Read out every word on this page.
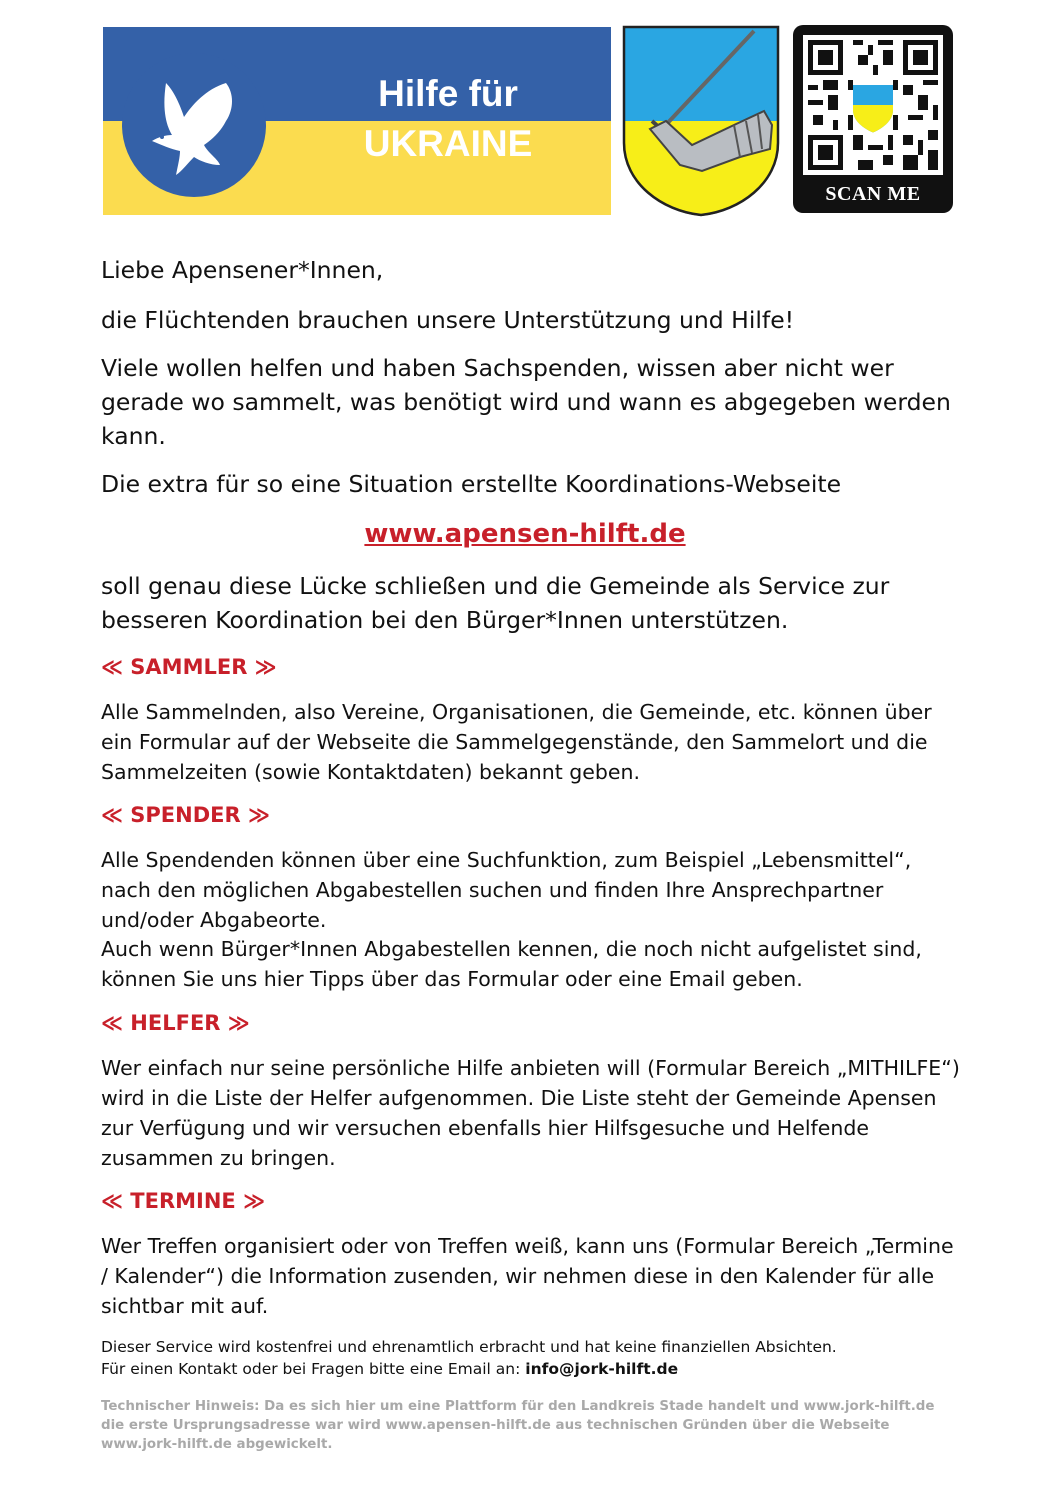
Hilfe für
UKRAINE
SCAN ME

Liebe Apensener*Innen,

die Flüchtenden brauchen unsere Unterstützung und Hilfe!

Viele wollen helfen und haben Sachspenden, wissen aber nicht wer gerade wo sammelt, was benötigt wird und wann es abgegeben werden kann.

Die extra für so eine Situation erstellte Koordinations-Webseite

www.apensen-hilft.de

soll genau diese Lücke schließen und die Gemeinde als Service zur besseren Koordination bei den Bürger*Innen unterstützen.

≪ SAMMLER ≫

Alle Sammelnden, also Vereine, Organisationen, die Gemeinde, etc. können über ein Formular auf der Webseite die Sammelgegenstände, den Sammelort und die Sammelzeiten (sowie Kontaktdaten) bekannt geben.

≪ SPENDER ≫

Alle Spendenden können über eine Suchfunktion, zum Beispiel „Lebensmittel“, nach den möglichen Abgabestellen suchen und finden Ihre Ansprechpartner und/oder Abgabeorte.

Auch wenn Bürger*Innen Abgabestellen kennen, die noch nicht aufgelistet sind, können Sie uns hier Tipps über das Formular oder eine Email geben.

≪ HELFER ≫

Wer einfach nur seine persönliche Hilfe anbieten will (Formular Bereich „MITHILFE“) wird in die Liste der Helfer aufgenommen. Die Liste steht der Gemeinde Apensen zur Verfügung und wir versuchen ebenfalls hier Hilfsgesuche und Helfende zusammen zu bringen.

≪ TERMINE ≫

Wer Treffen organisiert oder von Treffen weiß, kann uns (Formular Bereich „Termine / Kalender“) die Information zusenden, wir nehmen diese in den Kalender für alle sichtbar mit auf.

Dieser Service wird kostenfrei und ehrenamtlich erbracht und hat keine finanziellen Absichten.

Für einen Kontakt oder bei Fragen bitte eine Email an: info@jork-hilft.de

Technischer Hinweis: Da es sich hier um eine Plattform für den Landkreis Stade handelt und www.jork-hilft.de die erste Ursprungsadresse war wird www.apensen-hilft.de aus technischen Gründen über die Webseite www.jork-hilft.de abgewickelt.
